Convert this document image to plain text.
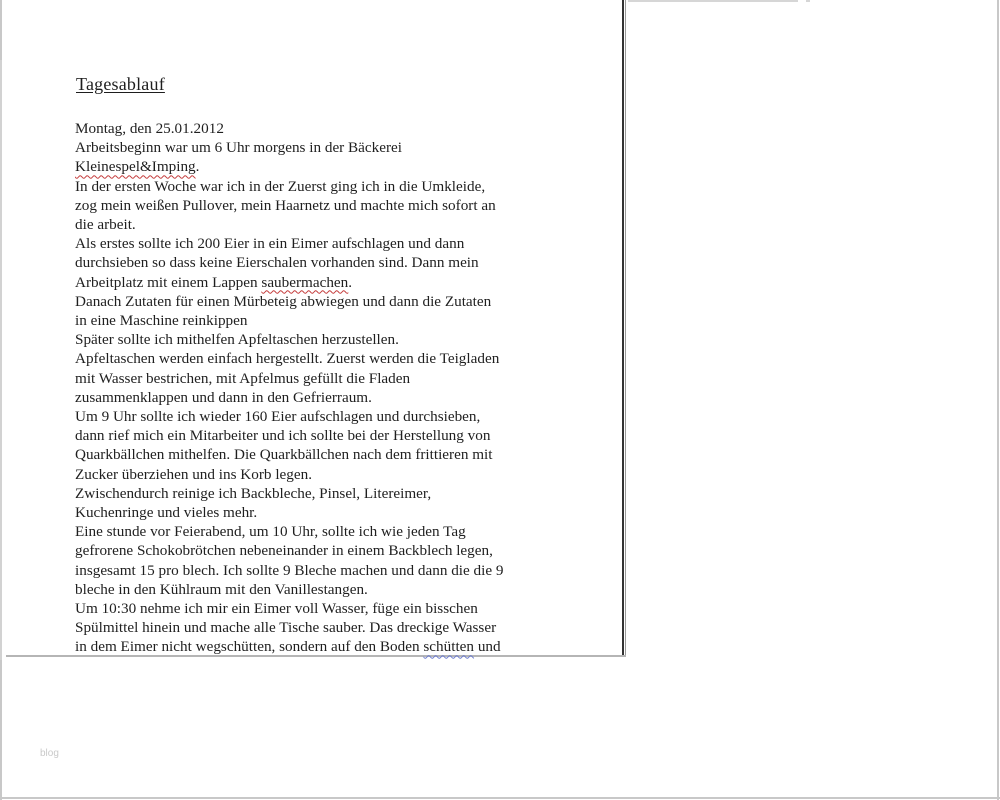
Tagesablauf
Montag, den 25.01.2012
Arbeitsbeginn war um 6 Uhr morgens in der Bäckerei
Kleinespel&Imping.
In der ersten Woche war ich in der Zuerst ging ich in die Umkleide,
zog mein weißen Pullover, mein Haarnetz und machte mich sofort an
die arbeit.
Als erstes sollte ich 200 Eier in ein Eimer aufschlagen und dann
durchsieben so dass keine Eierschalen vorhanden sind. Dann mein
Arbeitplatz mit einem Lappen saubermachen.
Danach Zutaten für einen Mürbeteig abwiegen und dann die Zutaten
in eine Maschine reinkippen
Später sollte ich mithelfen Apfeltaschen herzustellen.
Apfeltaschen werden einfach hergestellt. Zuerst werden die Teigladen
mit Wasser bestrichen, mit Apfelmus gefüllt die Fladen
zusammenklappen und dann in den Gefrierraum.
Um 9 Uhr sollte ich wieder 160 Eier aufschlagen und durchsieben,
dann rief mich ein Mitarbeiter und ich sollte bei der Herstellung von
Quarkbällchen mithelfen. Die Quarkbällchen nach dem frittieren mit
Zucker überziehen und ins Korb legen.
Zwischendurch reinige ich Backbleche, Pinsel, Litereimer,
Kuchenringe und vieles mehr.
Eine stunde vor Feierabend, um 10 Uhr, sollte ich wie jeden Tag
gefrorene Schokobrötchen nebeneinander in einem Backblech legen,
insgesamt 15 pro blech. Ich sollte 9 Bleche machen und dann die die 9
bleche in den Kühlraum mit den Vanillestangen.
Um 10:30 nehme ich mir ein Eimer voll Wasser, füge ein bisschen
Spülmittel hinein und mache alle Tische sauber. Das dreckige Wasser
in dem Eimer nicht wegschütten, sondern auf den Boden schütten und
blog
